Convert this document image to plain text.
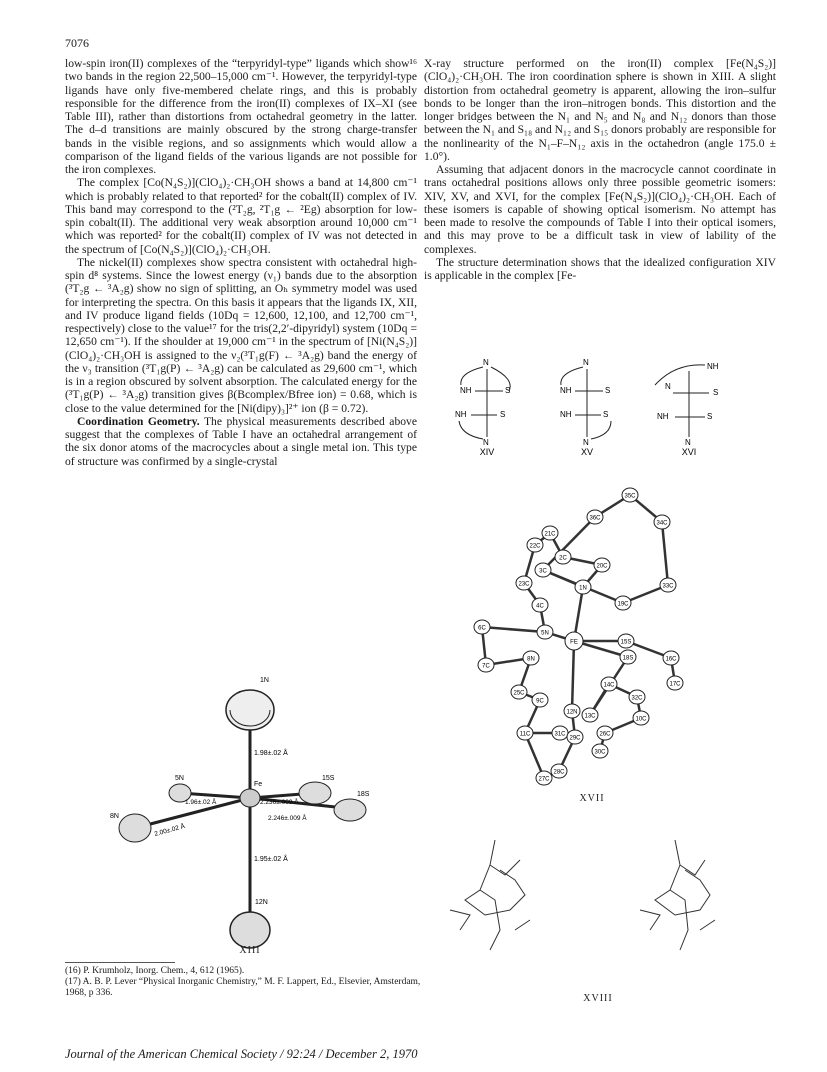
7076

low-spin iron(II) complexes of the “terpyridyl-type” ligands which show¹⁶ two bands in the region 22,500–15,000 cm⁻¹. However, the terpyridyl-type ligands have only five-membered chelate rings, and this is probably responsible for the difference from the iron(II) complexes of IX–XI (see Table III), rather than distortions from octahedral geometry in the latter. The d–d transitions are mainly obscured by the strong charge-transfer bands in the visible regions, and so assignments which would allow a comparison of the ligand fields of the various ligands are not possible for the iron complexes.

The complex [Co(N₄S₂)](ClO₄)₂·CH₃OH shows a band at 14,800 cm⁻¹ which is probably related to that reported² for the cobalt(II) complex of IV. This band may correspond to the (²T₂g, ²T₁g ← ²Eg) absorption for low-spin cobalt(II). The additional very weak absorption around 10,000 cm⁻¹ which was reported² for the cobalt(II) complex of IV was not detected in the spectrum of [Co(N₄S₂)](ClO₄)₂·CH₃OH.

The nickel(II) complexes show spectra consistent with octahedral high-spin d⁸ systems. Since the lowest energy (ν₁) bands due to the absorption (³T₂g ← ³A₂g) show no sign of splitting, an Oₕ symmetry model was used for interpreting the spectra. On this basis it appears that the ligands IX, XII, and IV produce ligand fields (10Dq = 12,600, 12,100, and 12,700 cm⁻¹, respectively) close to the value¹⁷ for the tris(2,2′-dipyridyl) system (10Dq = 12,650 cm⁻¹). If the shoulder at 19,000 cm⁻¹ in the spectrum of [Ni(N₄S₂)](ClO₄)₂·CH₃OH is assigned to the ν₂(³T₁g(F) ← ³A₂g) band the energy of the ν₃ transition (³T₁g(P) ← ³A₂g) can be calculated as 29,600 cm⁻¹, which is in a region obscured by solvent absorption. The calculated energy for the (³T₁g(P) ← ³A₂g) transition gives β(Bcomplex/Bfree ion) = 0.68, which is close to the value determined for the [Ni(dipy)₃]²⁺ ion (β = 0.72).

Coordination Geometry. The physical measurements described above suggest that the complexes of Table I have an octahedral arrangement of the six donor atoms of the macrocycles about a single metal ion. This type of structure was confirmed by a single-crystal

X-ray structure performed on the iron(II) complex [Fe(N₄S₂)](ClO₄)₂·CH₃OH. The iron coordination sphere is shown in XIII. A slight distortion from octahedral geometry is apparent, allowing the iron–sulfur bonds to be longer than the iron–nitrogen bonds. This distortion and the longer bridges between the N₁ and N₅ and N₈ and N₁₂ donors than those between the N₁ and S₁₈ and N₁₂ and S₁₅ donors probably are responsible for the nonlinearity of the N₁–F–N₁₂ axis in the octahedron (angle 175.0 ± 1.0°).

Assuming that adjacent donors in the macrocycle cannot coordinate in trans octahedral positions allows only three possible geometric isomers: XIV, XV, and XVI, for the complex [Fe(N₄S₂)](ClO₄)₂·CH₃OH. Each of these isomers is capable of showing optical isomerism. No attempt has been made to resolve the compounds of Table I into their optical isomers, and this may prove to be a difficult task in view of lability of the complexes.

The structure determination shows that the idealized configuration XIV is applicable in the complex [Fe-

1N
5N
8N
Fe
15S
18S
12N
1.98±.02 Å
1.95±.02 Å
1.96±.02 Å
2.00±.02 Å
2.236±.009 Å
2.246±.009 Å
XIII
N
NH	S
NH	S
N
N
NH	S
NH	S
N
NH
N
S
NH	S
N
XIV	XV	XVI
35C
36C
34C
21C
22C
2C
3C
20C
23C
1N	33C
19C
4C
16C
6C
5N
FE	15S
17C
7C
8N	18S
25C
9C
14C
32C
12N
13C
26C
10C
11C	31C
29C
30C
27C
28C
XVII
XVIII

(16) P. Krumholz, Inorg. Chem., 4, 612 (1965).

(17) A. B. P. Lever “Physical Inorganic Chemistry,” M. F. Lappert, Ed., Elsevier, Amsterdam, 1968, p 336.

Journal of the American Chemical Society / 92:24 / December 2, 1970
